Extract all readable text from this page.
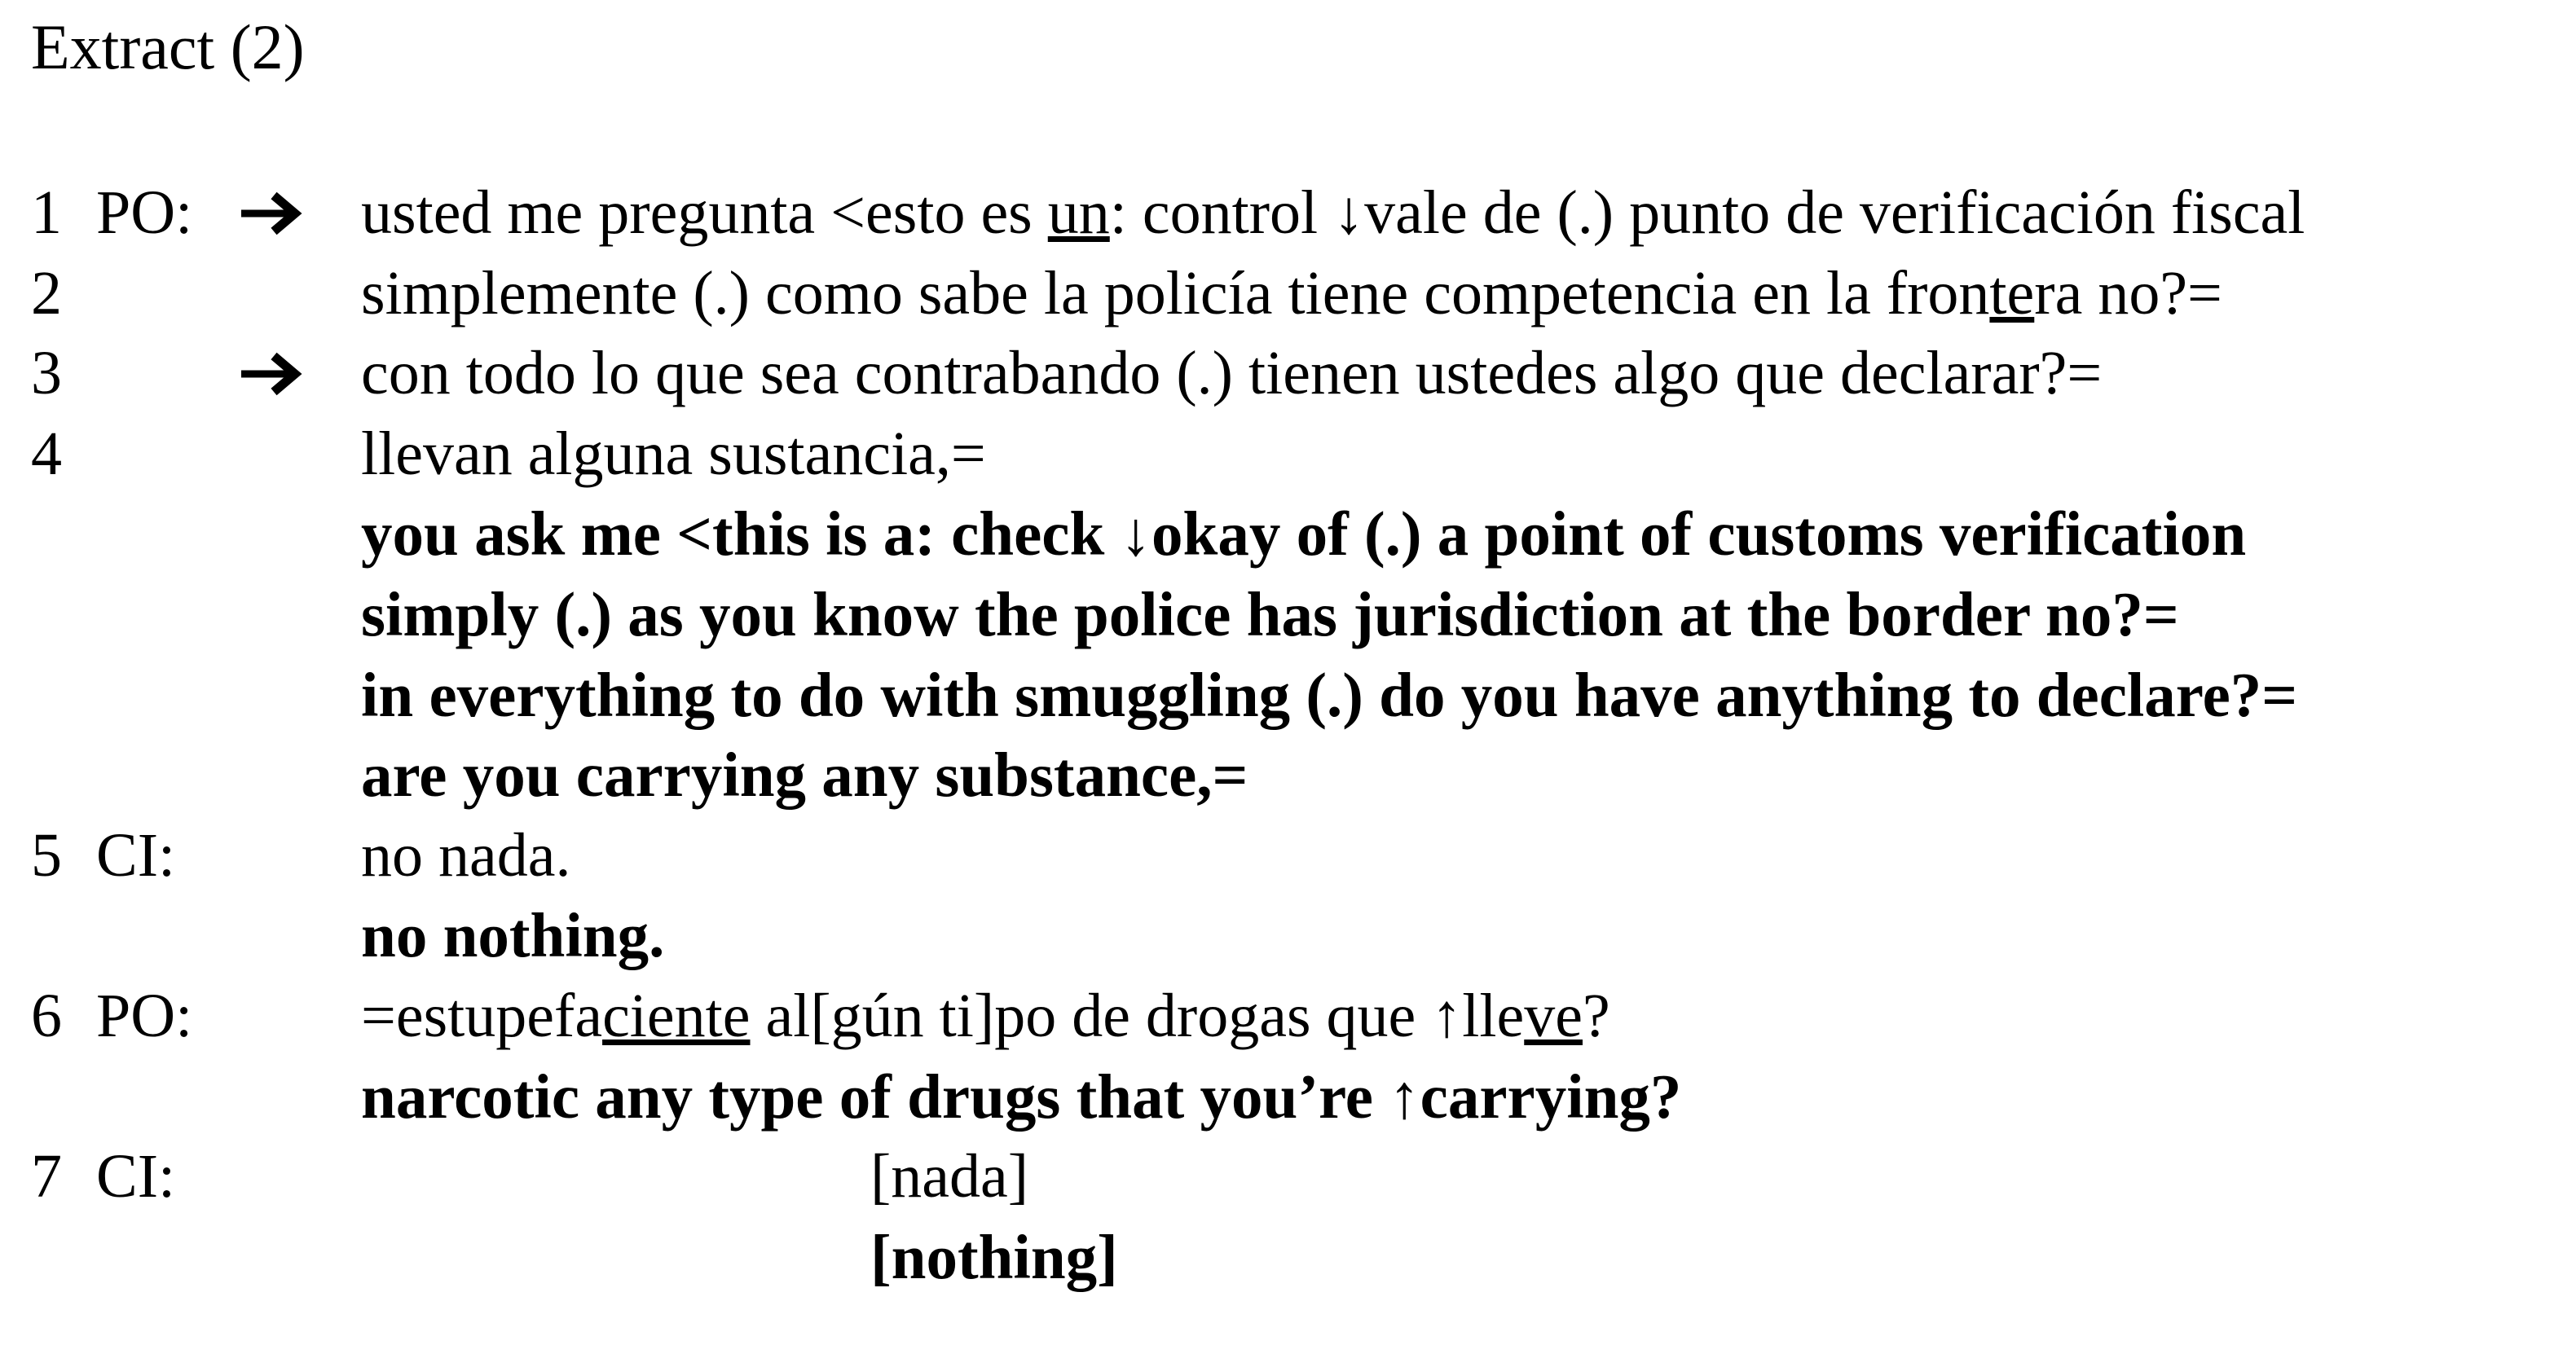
Extract (2)
1 PO:	usted me pregunta <esto es un: control ↓vale de (.) punto de verificación fiscal
2	simplemente (.) como sabe la policía tiene competencia en la frontera no?=
3	con todo lo que sea contrabando (.) tienen ustedes algo que declarar?=
4	llevan alguna sustancia,=
you ask me <this is a: check ↓okay of (.) a point of customs verification
simply (.) as you know the police has jurisdiction at the border no?=
in everything to do with smuggling (.) do you have anything to declare?=
are you carrying any substance,=
5 CI:	no nada.
no nothing.
6 PO:	=estupefaciente al[gún ti]po de drogas que ↑lleve?
narcotic any type of drugs that you’re ↑carrying?
7 CI:	[nada]
[nothing]
